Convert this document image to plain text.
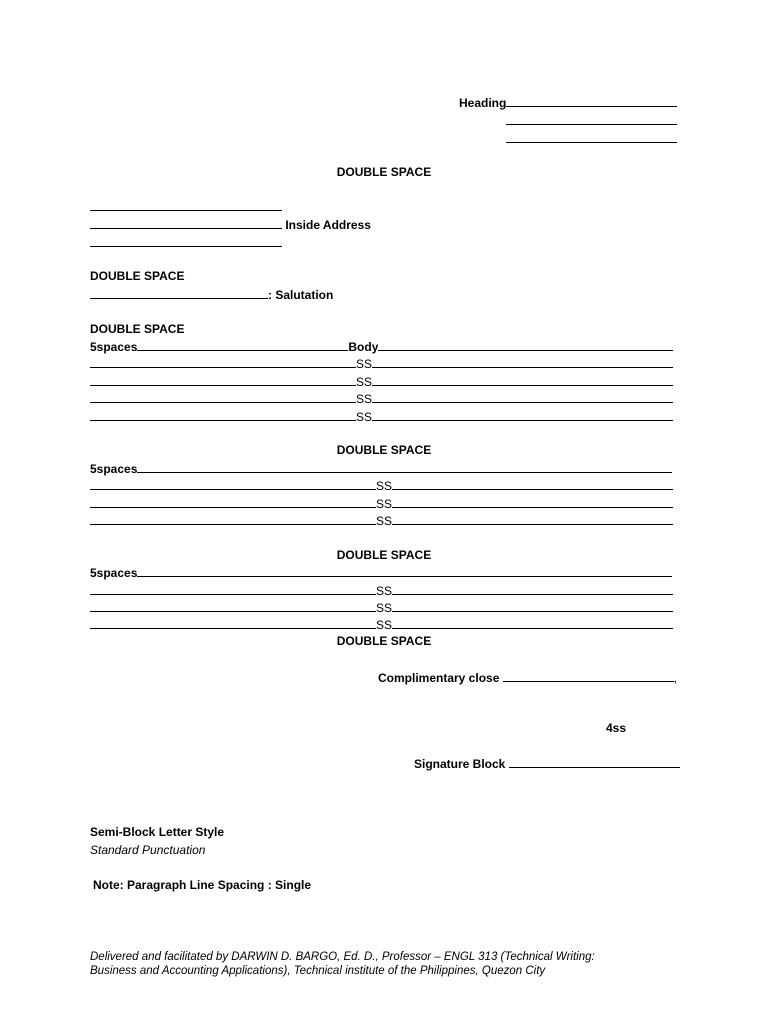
Heading
DOUBLE SPACE
Inside Address
DOUBLE SPACE
: Salutation
DOUBLE SPACE
5spaces	Body
SS
SS
SS
SS
DOUBLE SPACE
5spaces
SS
SS
SS
DOUBLE SPACE
5spaces
SS
SS
SS
DOUBLE SPACE
Complimentary close	,
4ss
Signature Block
Semi-Block Letter Style
Standard Punctuation
Note: Paragraph Line Spacing : Single
Delivered and facilitated by DARWIN D. BARGO, Ed. D., Professor – ENGL 313 (Technical Writing:
Business and Accounting Applications), Technical institute of the Philippines, Quezon City
